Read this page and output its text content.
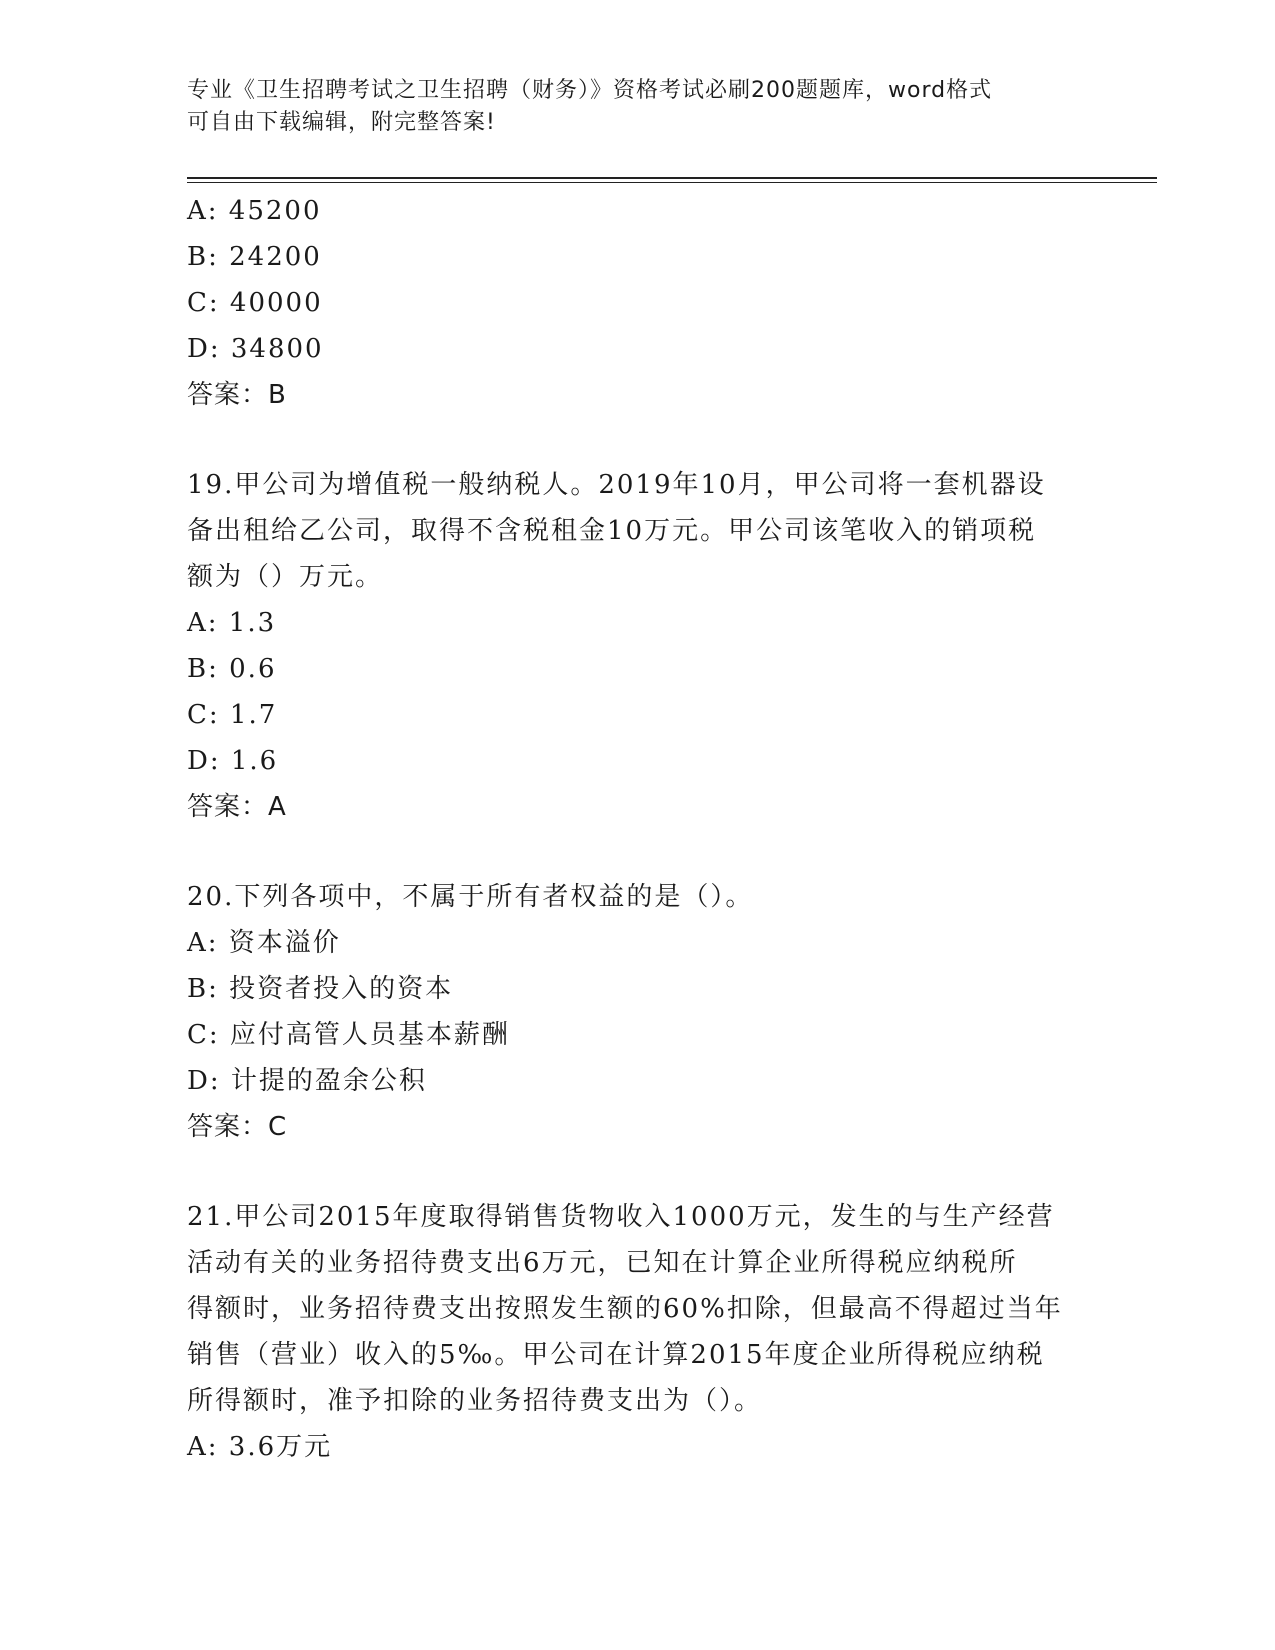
专业《卫生招聘考试之卫生招聘（财务）》资格考试必刷200题题库，word格式
可自由下载编辑，附完整答案!
A: 45200
B: 24200
C: 40000
D: 34800
答案：B
19.甲公司为增值税一般纳税人。2019年10月，甲公司将一套机器设
备出租给乙公司，取得不含税租金10万元。甲公司该笔收入的销项税
额为（）万元。
A: 1.3
B: 0.6
C: 1.7
D: 1.6
答案：A
20.下列各项中，不属于所有者权益的是（）。
A: 资本溢价
B: 投资者投入的资本
C: 应付高管人员基本薪酬
D: 计提的盈余公积
答案：C
21.甲公司2015年度取得销售货物收入1000万元，发生的与生产经营
活动有关的业务招待费支出6万元，已知在计算企业所得税应纳税所
得额时，业务招待费支出按照发生额的60%扣除，但最高不得超过当年
销售（营业）收入的5‰。甲公司在计算2015年度企业所得税应纳税
所得额时，准予扣除的业务招待费支出为（）。
A: 3.6万元
